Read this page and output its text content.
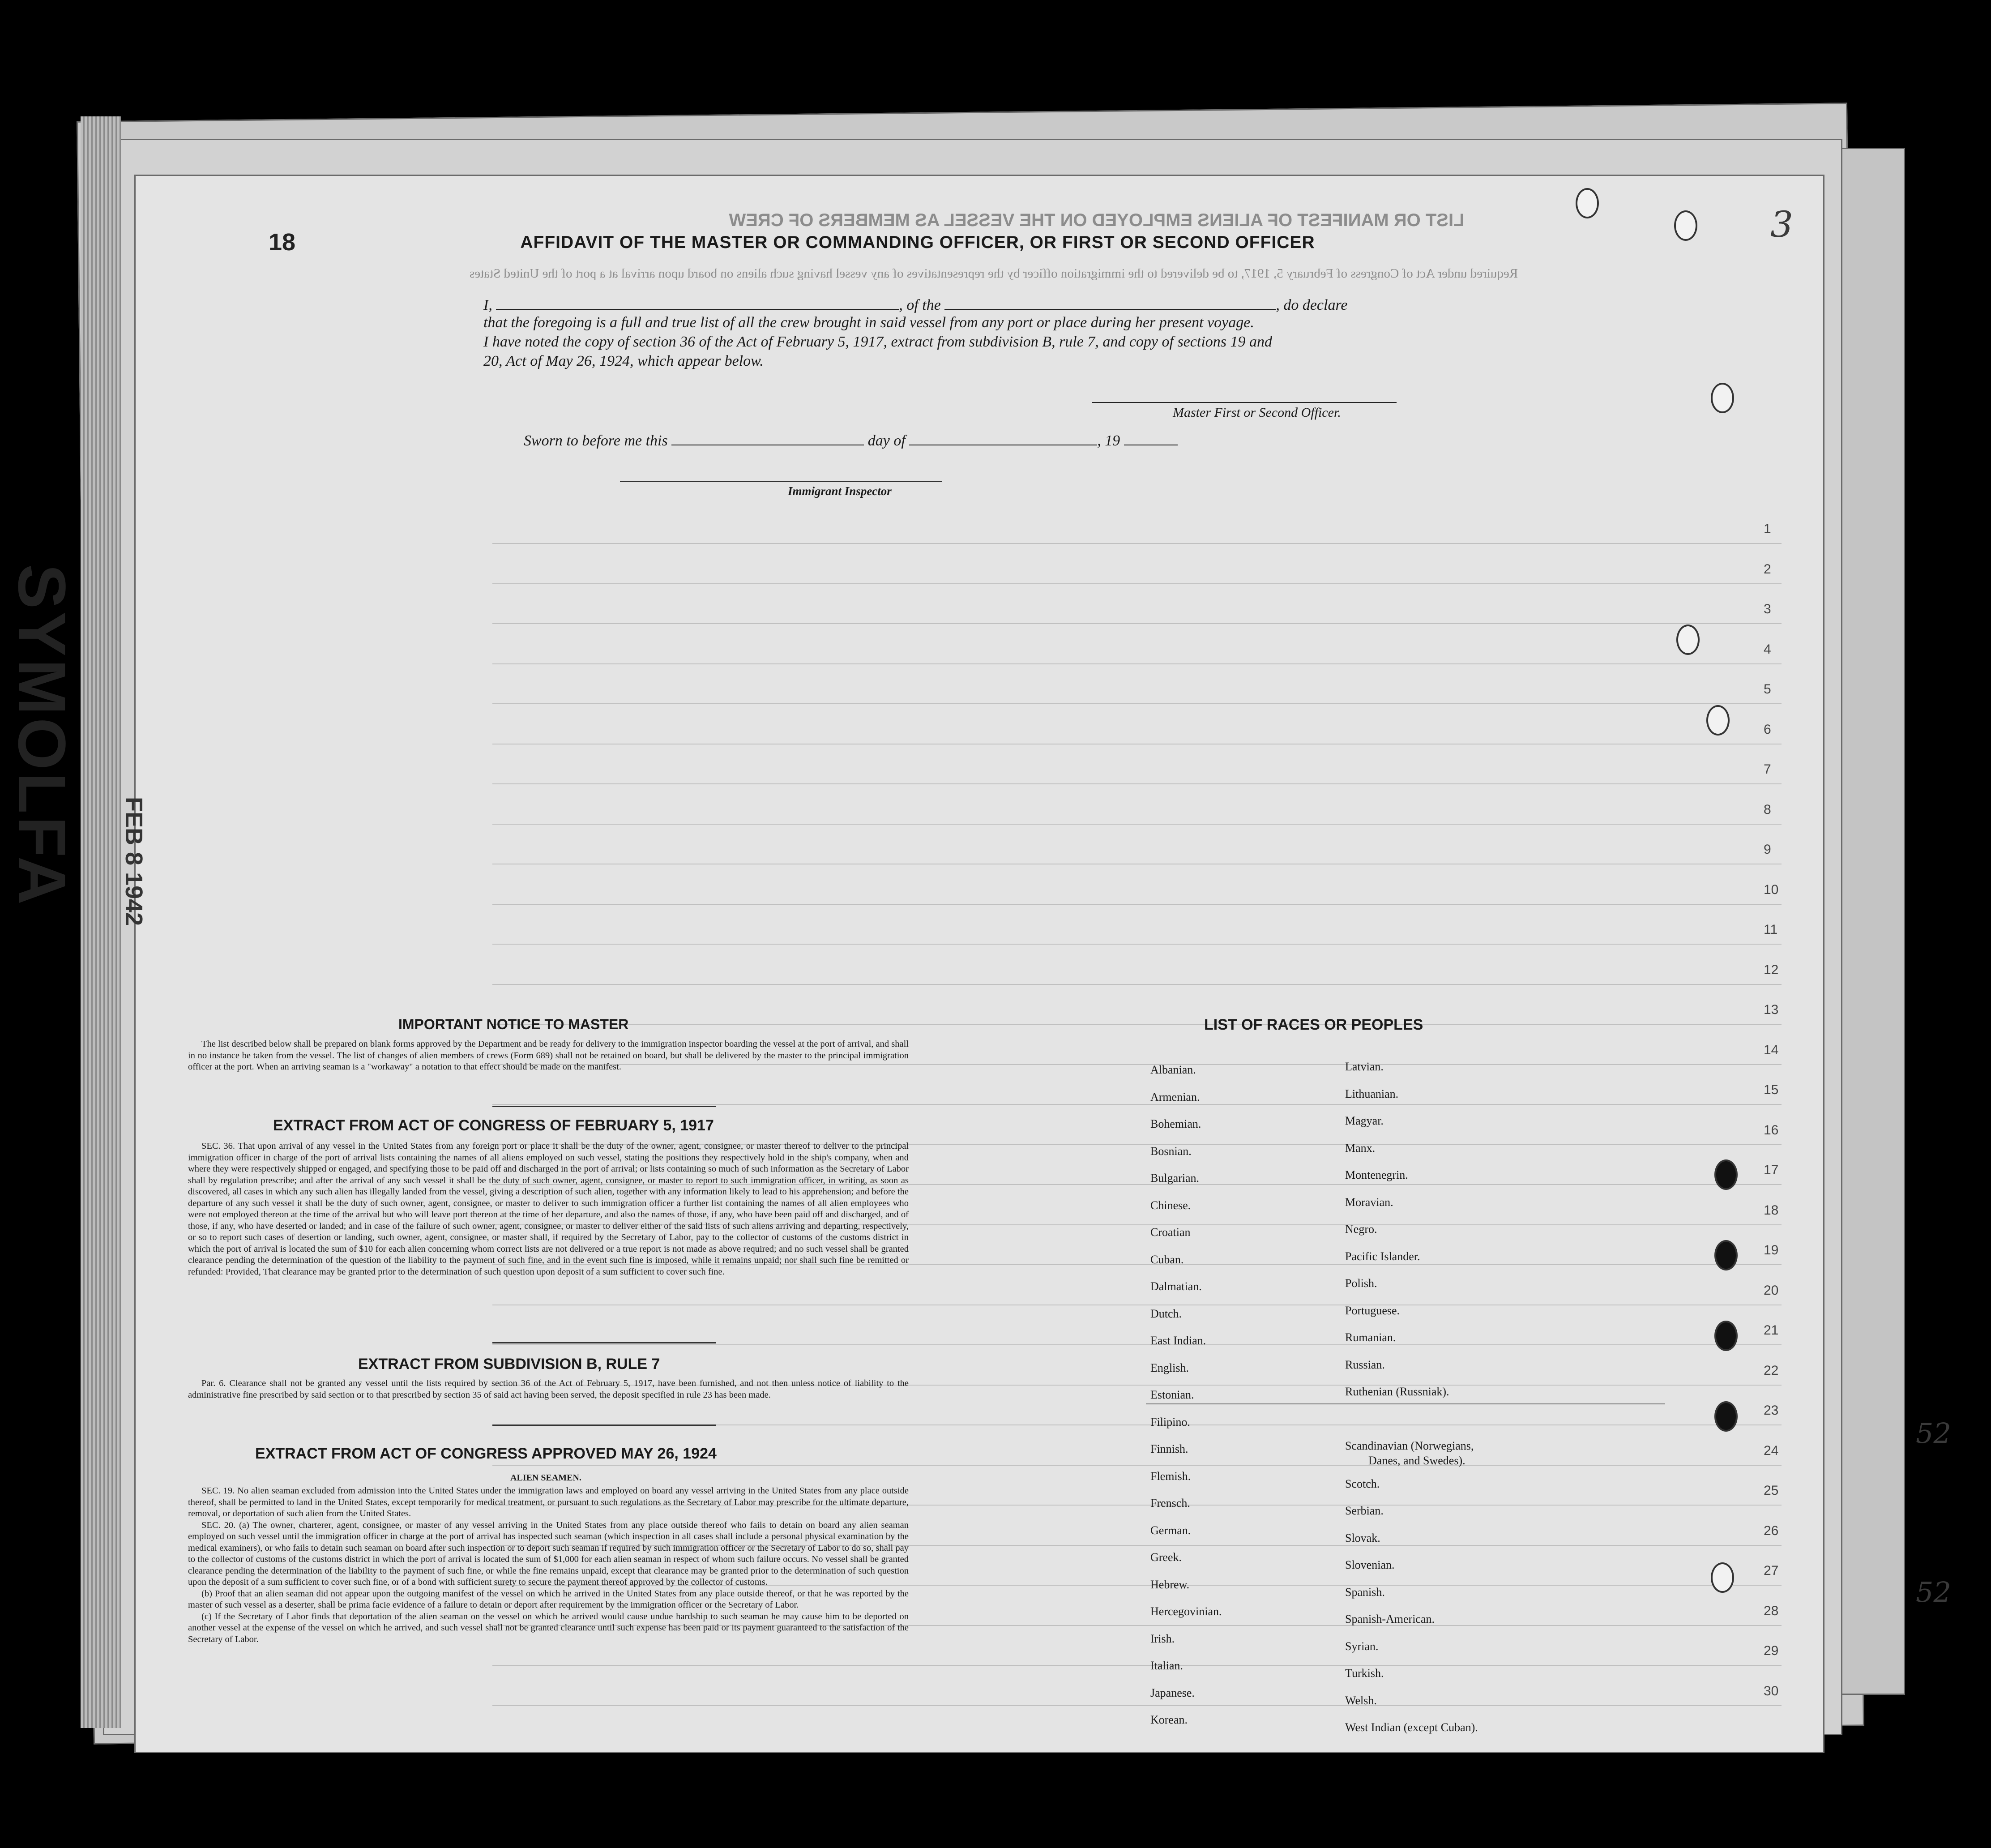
SYMOLFA FEB 8 1942
LIST OR MANIFEST OF ALIENS EMPLOYED ON THE VESSEL AS MEMBERS OF CREW
Required under Act of Congress of February 5, 1917, to be delivered to the immigration officer by the representatives of any vessel having such aliens on board upon arrival at a port of the United States
1
2
3
4
5
6
7
8
9
10
11
12
13
14
15
16
17
18
19
20
21
22
23
24
25
26
27
28
29
30
18	3
52
52
AFFIDAVIT OF THE MASTER OR COMMANDING OFFICER, OR FIRST OR SECOND OFFICER
I,	, of the	, do declare
that the foregoing is a full and true list of all the crew brought in said vessel from any port or place during her present voyage.
I have noted the copy of section 36 of the Act of February 5, 1917, extract from subdivision B, rule 7, and copy of sections 19 and
20, Act of May 26, 1924, which appear below.
Master First or Second Officer.
Sworn to before me this	day of	, 19
Immigrant Inspector
IMPORTANT NOTICE TO MASTER

The list described below shall be prepared on blank forms approved by the Department and be ready for delivery to the immigration inspector boarding the vessel at the port of arrival, and shall in no instance be taken from the vessel. The list of changes of alien members of crews (Form 689) shall not be retained on board, but shall be delivered by the master to the principal immigration officer at the port. When an arriving seaman is a "workaway" a notation to that effect should be made on the manifest.

EXTRACT FROM ACT OF CONGRESS OF FEBRUARY 5, 1917

SEC. 36. That upon arrival of any vessel in the United States from any foreign port or place it shall be the duty of the owner, agent, consignee, or master thereof to deliver to the principal immigration officer in charge of the port of arrival lists containing the names of all aliens employed on such vessel, stating the positions they respectively hold in the ship's company, when and where they were respectively shipped or engaged, and specifying those to be paid off and discharged in the port of arrival; or lists containing so much of such information as the Secretary of Labor shall by regulation prescribe; and after the arrival of any such vessel it shall be the duty of such owner, agent, consignee, or master to report to such immigration officer, in writing, as soon as discovered, all cases in which any such alien has illegally landed from the vessel, giving a description of such alien, together with any information likely to lead to his apprehension; and before the departure of any such vessel it shall be the duty of such owner, agent, consignee, or master to deliver to such immigration officer a further list containing the names of all alien employees who were not employed thereon at the time of the arrival but who will leave port thereon at the time of her departure, and also the names of those, if any, who have been paid off and discharged, and of those, if any, who have deserted or landed; and in case of the failure of such owner, agent, consignee, or master to deliver either of the said lists of such aliens arriving and departing, respectively, or so to report such cases of desertion or landing, such owner, agent, consignee, or master shall, if required by the Secretary of Labor, pay to the collector of customs of the customs district in which the port of arrival is located the sum of $10 for each alien concerning whom correct lists are not delivered or a true report is not made as above required; and no such vessel shall be granted clearance pending the determination of the question of the liability to the payment of such fine, and in the event such fine is imposed, while it remains unpaid; nor shall such fine be remitted or refunded: Provided, That clearance may be granted prior to the determination of such question upon deposit of a sum sufficient to cover such fine.

EXTRACT FROM SUBDIVISION B, RULE 7

Par. 6. Clearance shall not be granted any vessel until the lists required by section 36 of the Act of February 5, 1917, have been furnished, and not then unless notice of liability to the administrative fine prescribed by said section or to that prescribed by section 35 of said act having been served, the deposit specified in rule 23 has been made.

EXTRACT FROM ACT OF CONGRESS APPROVED MAY 26, 1924
ALIEN SEAMEN.

SEC. 19. No alien seaman excluded from admission into the United States under the immigration laws and employed on board any vessel arriving in the United States from any place outside thereof, shall be permitted to land in the United States, except temporarily for medical treatment, or pursuant to such regulations as the Secretary of Labor may prescribe for the ultimate departure, removal, or deportation of such alien from the United States.

SEC. 20. (a) The owner, charterer, agent, consignee, or master of any vessel arriving in the United States from any place outside thereof who fails to detain on board any alien seaman employed on such vessel until the immigration officer in charge at the port of arrival has inspected such seaman (which inspection in all cases shall include a personal physical examination by the medical examiners), or who fails to detain such seaman on board after such inspection or to deport such seaman if required by such immigration officer or the Secretary of Labor to do so, shall pay to the collector of customs of the customs district in which the port of arrival is located the sum of $1,000 for each alien seaman in respect of whom such failure occurs. No vessel shall be granted clearance pending the determination of the liability to the payment of such fine, or while the fine remains unpaid, except that clearance may be granted prior to the determination of such question upon the deposit of a sum sufficient to cover such fine, or of a bond with sufficient surety to secure the payment thereof approved by the collector of customs.

(b) Proof that an alien seaman did not appear upon the outgoing manifest of the vessel on which he arrived in the United States from any place outside thereof, or that he was reported by the master of such vessel as a deserter, shall be prima facie evidence of a failure to detain or deport after requirement by the immigration officer or the Secretary of Labor.

(c) If the Secretary of Labor finds that deportation of the alien seaman on the vessel on which he arrived would cause undue hardship to such seaman he may cause him to be deported on another vessel at the expense of the vessel on which he arrived, and such vessel shall not be granted clearance until such expense has been paid or its payment guaranteed to the satisfaction of the Secretary of Labor.

LIST OF RACES OR PEOPLES
Albanian.
Armenian.
Bohemian.
Bosnian.
Bulgarian.
Chinese.
Croatian
Cuban.
Dalmatian.
Dutch.
East Indian.
English.
Estonian.
Filipino.
Finnish.
Flemish.
Frensch.
German.
Greek.
Hebrew.
Hercegovinian.
Irish.
Italian.
Japanese.
Korean.
Latvian.
Lithuanian.
Magyar.
Manx.
Montenegrin.
Moravian.
Negro.
Pacific Islander.
Polish.
Portuguese.
Rumanian.
Russian.
Ruthenian (Russniak).
Scandinavian (Norwegians,
Danes, and Swedes).
Scotch.
Serbian.
Slovak.
Slovenian.
Spanish.
Spanish-American.
Syrian.
Turkish.
Welsh.
West Indian (except Cuban).
